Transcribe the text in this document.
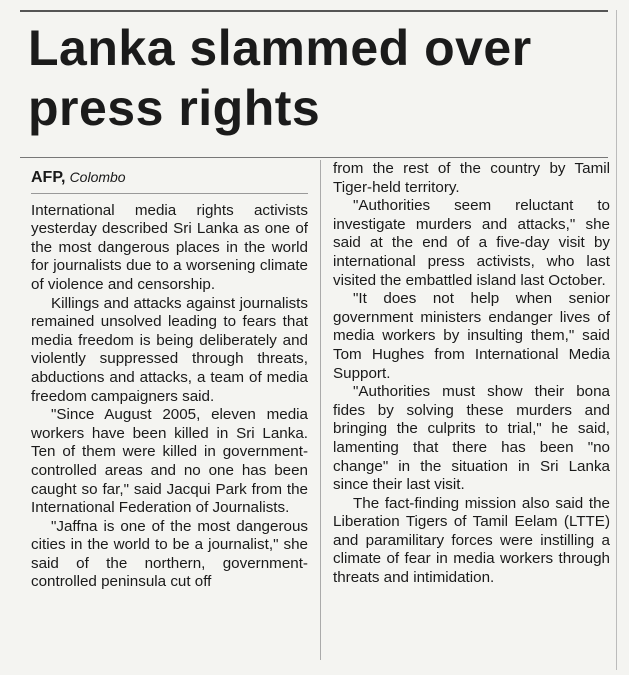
Lanka slammed over press rights
AFP, Colombo

International media rights activists yesterday described Sri Lanka as one of the most dangerous places in the world for journalists due to a worsening climate of violence and censorship.

Killings and attacks against journalists remained unsolved leading to fears that media freedom is being deliberately and violently suppressed through threats, abductions and attacks, a team of media freedom campaigners said.

"Since August 2005, eleven media workers have been killed in Sri Lanka. Ten of them were killed in government-controlled areas and no one has been caught so far," said Jacqui Park from the International Federation of Journalists.

"Jaffna is one of the most dangerous cities in the world to be a journalist," she said of the northern, government-controlled peninsula cut off

from the rest of the country by Tamil Tiger-held territory.

"Authorities seem reluctant to investigate murders and attacks," she said at the end of a five-day visit by international press activists, who last visited the embattled island last October.

"It does not help when senior government ministers endanger lives of media workers by insulting them," said Tom Hughes from International Media Support.

"Authorities must show their bona fides by solving these murders and bringing the culprits to trial," he said, lamenting that there has been "no change" in the situation in Sri Lanka since their last visit.

The fact-finding mission also said the Liberation Tigers of Tamil Eelam (LTTE) and paramilitary forces were instilling a climate of fear in media workers through threats and intimidation.
